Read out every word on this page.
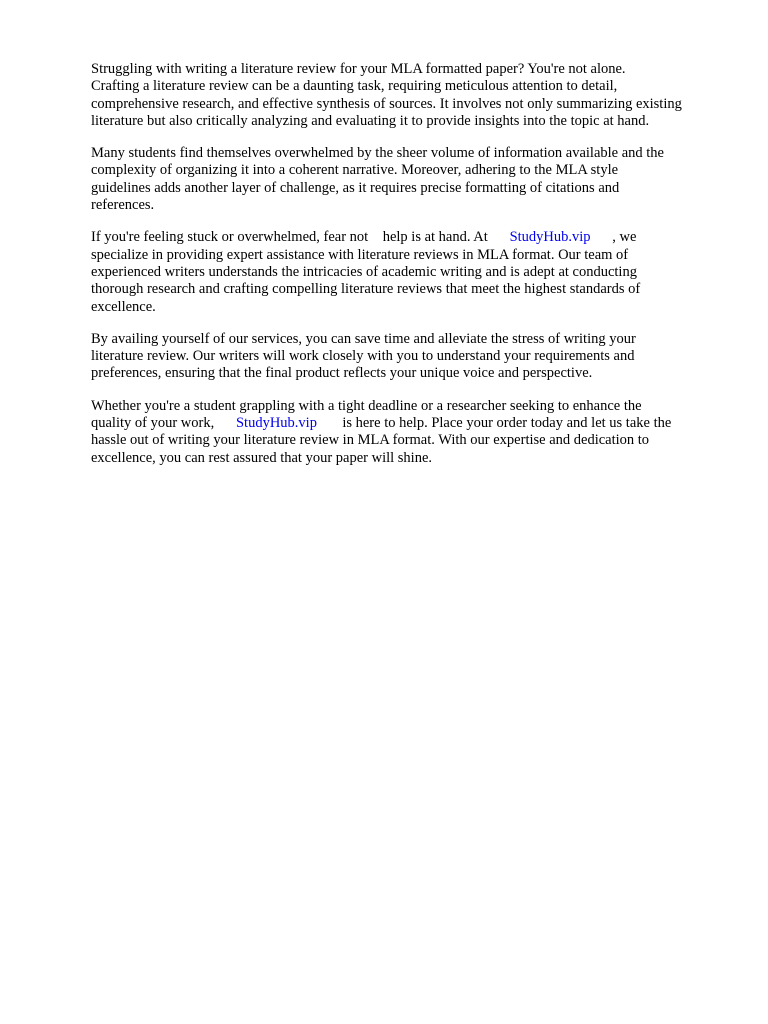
Struggling with writing a literature review for your MLA formatted paper? You're not alone.
Crafting a literature review can be a daunting task, requiring meticulous attention to detail,
comprehensive research, and effective synthesis of sources. It involves not only summarizing existing
literature but also critically analyzing and evaluating it to provide insights into the topic at hand.
Many students find themselves overwhelmed by the sheer volume of information available and the
complexity of organizing it into a coherent narrative. Moreover, adhering to the MLA style
guidelines adds another layer of challenge, as it requires precise formatting of citations and
references.
If you're feeling stuck or overwhelmed, fear not    help is at hand. At      StudyHub.vip      , we
specialize in providing expert assistance with literature reviews in MLA format. Our team of
experienced writers understands the intricacies of academic writing and is adept at conducting
thorough research and crafting compelling literature reviews that meet the highest standards of
excellence.
By availing yourself of our services, you can save time and alleviate the stress of writing your
literature review. Our writers will work closely with you to understand your requirements and
preferences, ensuring that the final product reflects your unique voice and perspective.
Whether you're a student grappling with a tight deadline or a researcher seeking to enhance the
quality of your work,      StudyHub.vip       is here to help. Place your order today and let us take the
hassle out of writing your literature review in MLA format. With our expertise and dedication to
excellence, you can rest assured that your paper will shine.
